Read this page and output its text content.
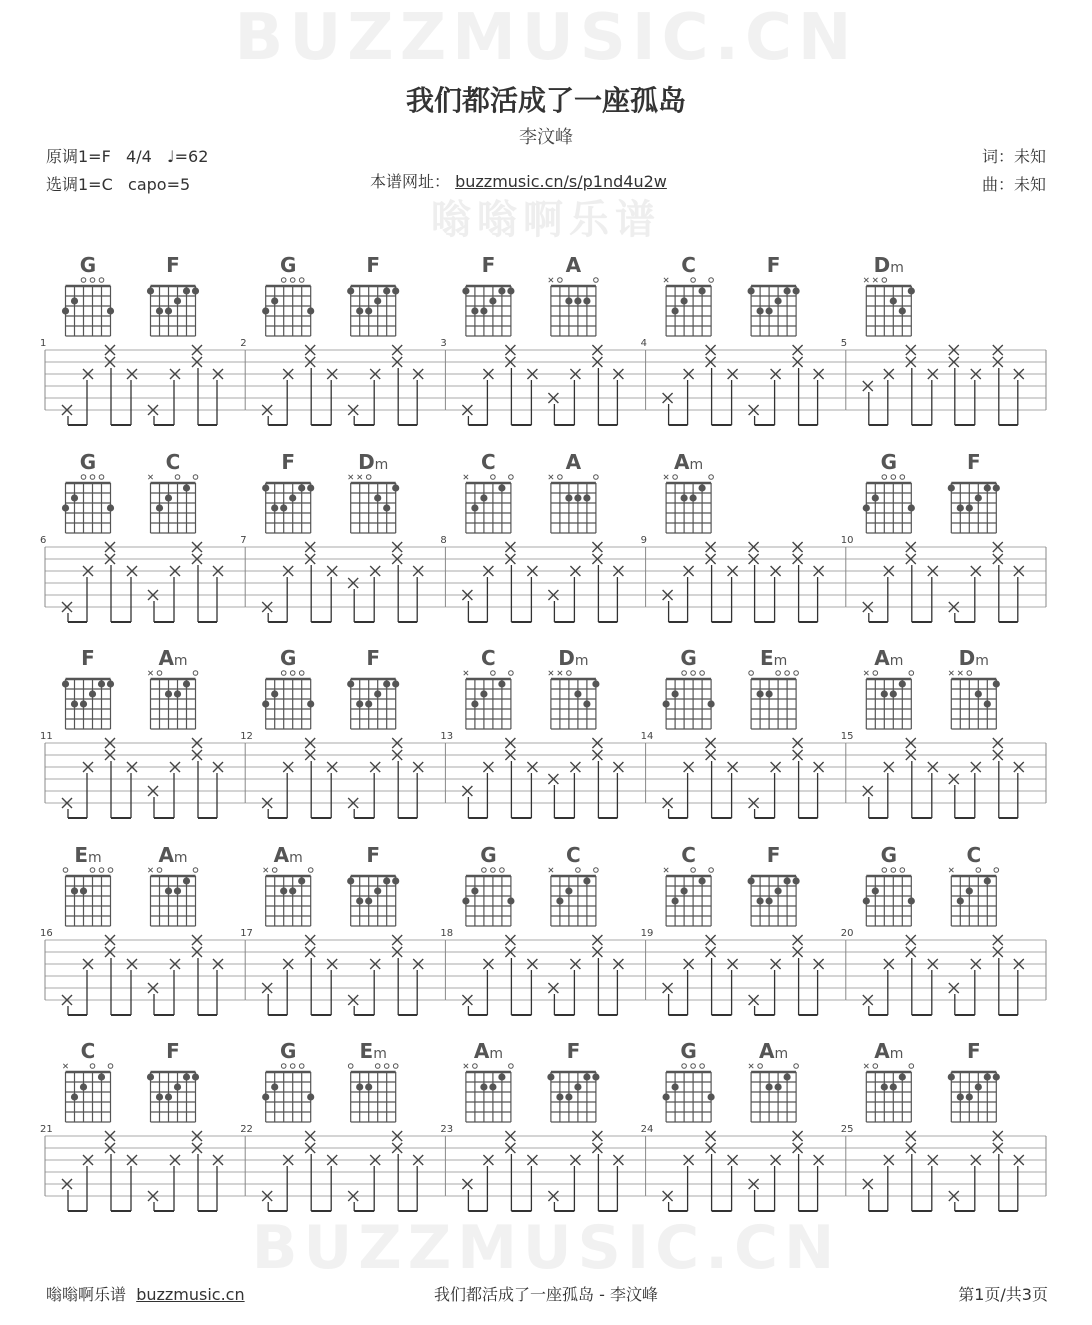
BUZZMUSIC.CN
嗡嗡啊乐谱
BUZZMUSIC.CN
我们都活成了一座孤岛
李汶峰
原调1=F   4/4   ♩=62
选调1=C   capo=5	本谱网址： buzzmusic.cn/s/p1nd4u2w
词：未知
曲：未知
1
G	F
2
G	F
3
F	A
4
C	F
5
Dm
6
G	C
7
F	Dm
8
C	A
9
Am
10
G	F
11
F	Am
12
G	F
13
C	Dm
14
G	Em
15
Am	Dm
16
Em	Am
17
Am	F
18
G	C
19
C	F
20
G	C
21
C	F
22
G	Em
23
Am	F
24
G	Am
25
Am	F
嗡嗡啊乐谱 buzzmusic.cn	我们都活成了一座孤岛 - 李汶峰	第1页/共3页
